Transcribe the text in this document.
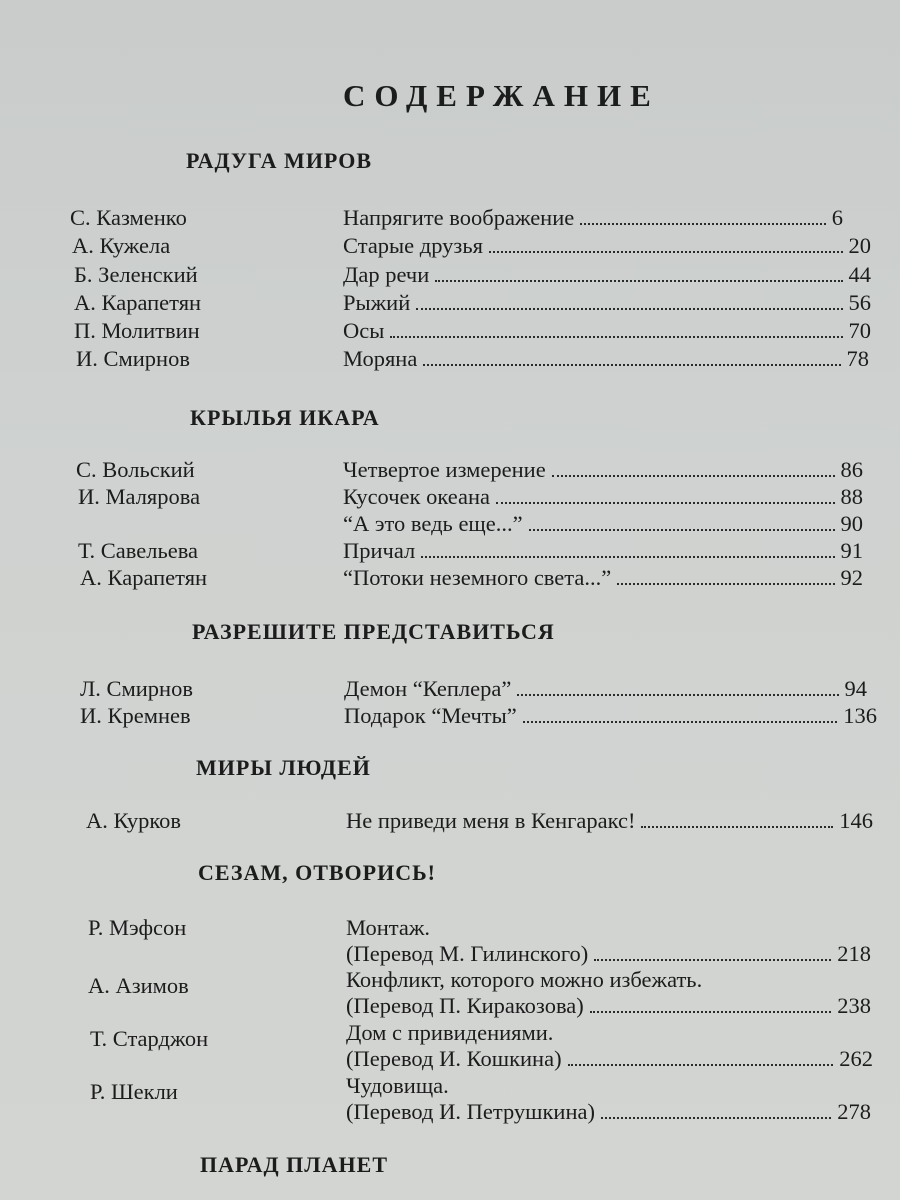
СОДЕРЖАНИЕ
РАДУГА МИРОВ
С. Казменко	Напрягите воображение	6
А. Кужела	Старые друзья	20
Б. Зеленский	Дар речи	44
А. Карапетян	Рыжий	56
П. Молитвин	Осы	70
И. Смирнов	Моряна	78
КРЫЛЬЯ ИКАРА
С. Вольский	Четвертое измерение	86
И. Малярова	Кусочек океана	88
“А это ведь еще...”	90
Т. Савельева	Причал	91
А. Карапетян	“Потоки неземного света...”	92
РАЗРЕШИТЕ ПРЕДСТАВИТЬСЯ
Л. Смирнов	Демон “Кеплера”	94
И. Кремнев	Подарок “Мечты”	136
МИРЫ ЛЮДЕЙ
А. Курков	Не приведи меня в Кенгаракс!	146
СЕЗАМ, ОТВОРИСЬ!
Р. Мэфсон	Монтаж.
(Перевод М. Гилинского)	218
А. Азимов	Конфликт, которого можно избежать.
(Перевод П. Киракозова)	238
Т. Старджон	Дом с привидениями.
(Перевод И. Кошкина)	262
Р. Шекли	Чудовища.
(Перевод И. Петрушкина)	278
ПАРАД ПЛАНЕТ
